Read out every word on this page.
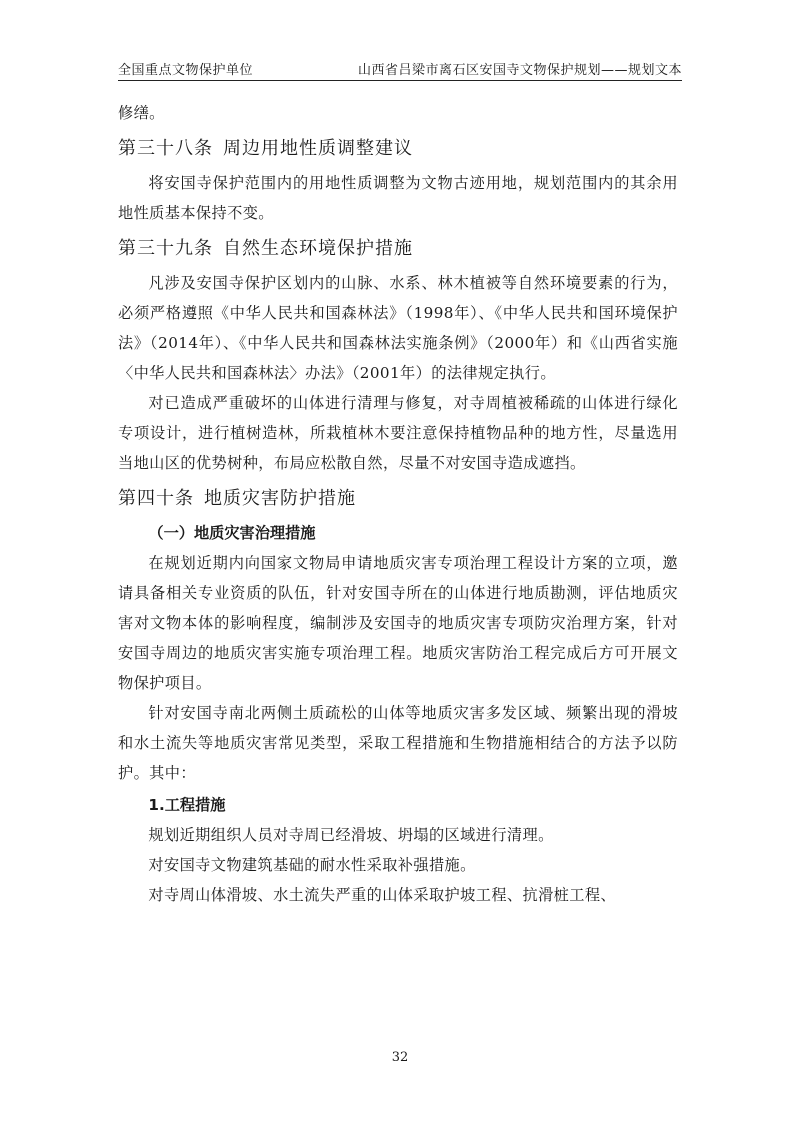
全国重点文物保护单位	山西省吕梁市离石区安国寺文物保护规划——规划文本

修缮。

第三十八条 周边用地性质调整建议

将安国寺保护范围内的用地性质调整为文物古迹用地，规划范围内的其余用地性质基本保持不变。

第三十九条 自然生态环境保护措施

凡涉及安国寺保护区划内的山脉、水系、林木植被等自然环境要素的行为，必须严格遵照《中华人民共和国森林法》（1998年）、《中华人民共和国环境保护法》（2014年）、《中华人民共和国森林法实施条例》（2000年）和《山西省实施〈中华人民共和国森林法〉办法》（2001年）的法律规定执行。

对已造成严重破坏的山体进行清理与修复，对寺周植被稀疏的山体进行绿化专项设计，进行植树造林，所栽植林木要注意保持植物品种的地方性，尽量选用当地山区的优势树种，布局应松散自然，尽量不对安国寺造成遮挡。

第四十条 地质灾害防护措施
（一）地质灾害治理措施

在规划近期内向国家文物局申请地质灾害专项治理工程设计方案的立项，邀请具备相关专业资质的队伍，针对安国寺所在的山体进行地质勘测，评估地质灾害对文物本体的影响程度，编制涉及安国寺的地质灾害专项防灾治理方案，针对安国寺周边的地质灾害实施专项治理工程。地质灾害防治工程完成后方可开展文物保护项目。

针对安国寺南北两侧土质疏松的山体等地质灾害多发区域、频繁出现的滑坡和水土流失等地质灾害常见类型，采取工程措施和生物措施相结合的方法予以防护。其中：

1.工程措施

规划近期组织人员对寺周已经滑坡、坍塌的区域进行清理。

对安国寺文物建筑基础的耐水性采取补强措施。

对寺周山体滑坡、水土流失严重的山体采取护坡工程、抗滑桩工程、

32
